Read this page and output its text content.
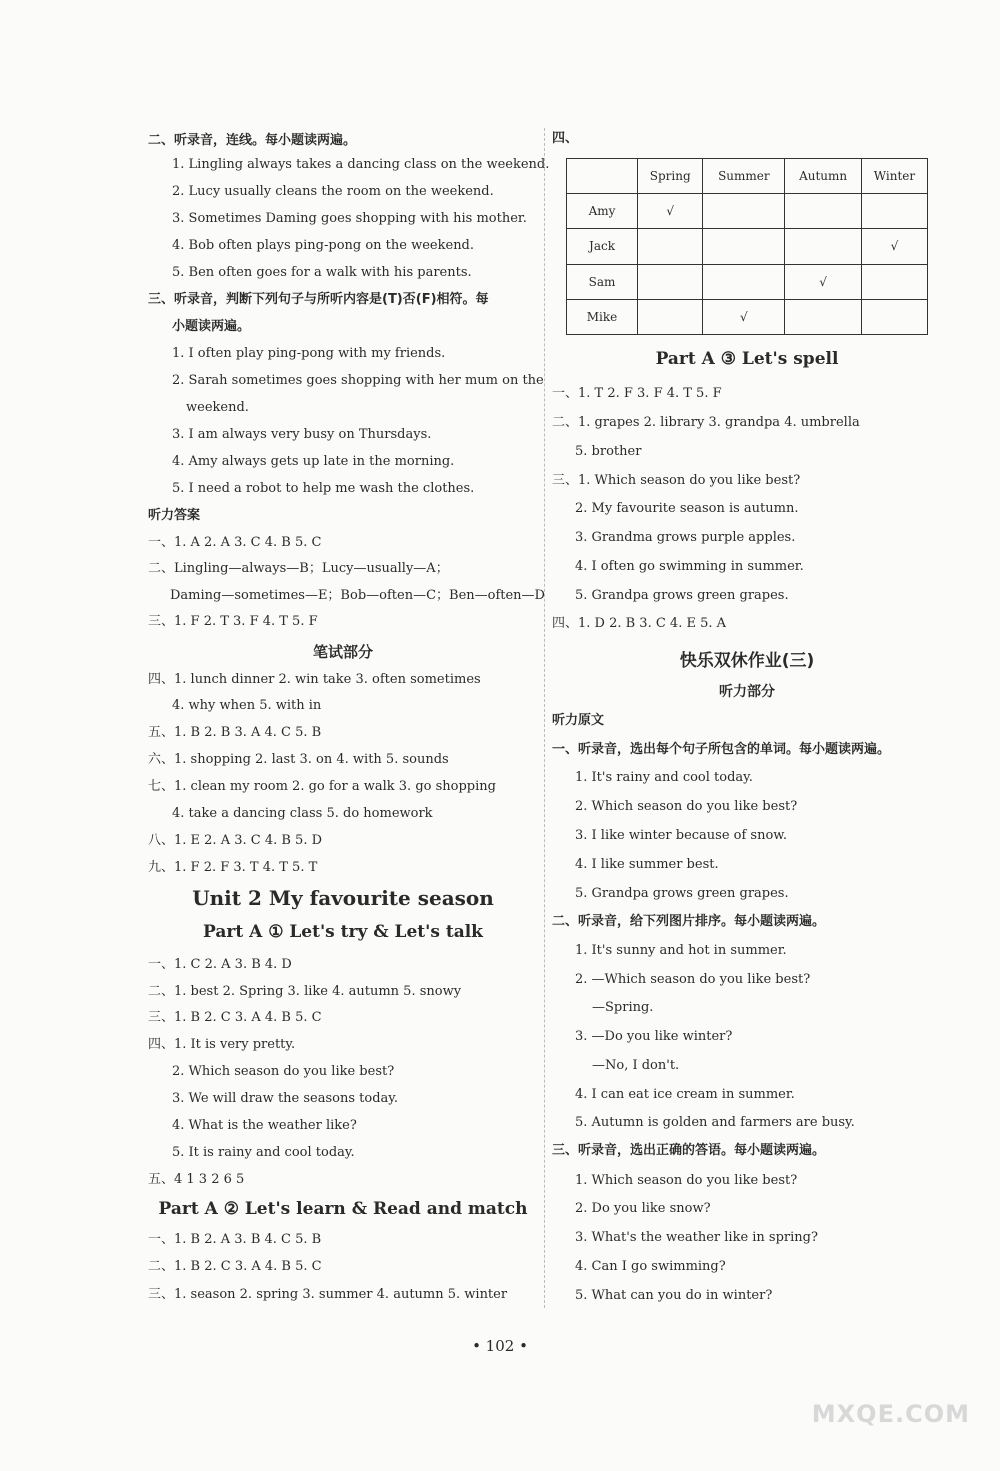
二、听录音，连线。每小题读两遍。
1. Lingling always takes a dancing class on the weekend.
2. Lucy usually cleans the room on the weekend.
3. Sometimes Daming goes shopping with his mother.
4. Bob often plays ping-pong on the weekend.
5. Ben often goes for a walk with his parents.
三、听录音，判断下列句子与所听内容是(T)否(F)相符。每
小题读两遍。
1. I often play ping-pong with my friends.
2. Sarah sometimes goes shopping with her mum on the
weekend.
3. I am always very busy on Thursdays.
4. Amy always gets up late in the morning.
5. I need a robot to help me wash the clothes.
听力答案
一、1. A 2. A 3. C 4. B 5. C
二、Lingling—always—B；Lucy—usually—A；
Daming—sometimes—E；Bob—often—C；Ben—often—D
三、1. F 2. T 3. F 4. T 5. F
笔试部分
四、1. lunch dinner 2. win take 3. often sometimes
4. why when 5. with in
五、1. B 2. B 3. A 4. C 5. B
六、1. shopping 2. last 3. on 4. with 5. sounds
七、1. clean my room 2. go for a walk 3. go shopping
4. take a dancing class 5. do homework
八、1. E 2. A 3. C 4. B 5. D
九、1. F 2. F 3. T 4. T 5. T
Unit 2 My favourite season
Part A ① Let's try & Let's talk
一、1. C 2. A 3. B 4. D
二、1. best 2. Spring 3. like 4. autumn 5. snowy
三、1. B 2. C 3. A 4. B 5. C
四、1. It is very pretty.
2. Which season do you like best?
3. We will draw the seasons today.
4. What is the weather like?
5. It is rainy and cool today.
五、4 1 3 2 6 5
Part A ② Let's learn & Read and match
一、1. B 2. A 3. B 4. C 5. B
二、1. B 2. C 3. A 4. B 5. C
三、1. season 2. spring 3. summer 4. autumn 5. winter
四、
	Spring	Summer	Autumn	Winter
Amy	√			
Jack				√
Sam			√	
Mike		√		
Part A ③ Let's spell
一、1. T 2. F 3. F 4. T 5. F
二、1. grapes 2. library 3. grandpa 4. umbrella
5. brother
三、1. Which season do you like best?
2. My favourite season is autumn.
3. Grandma grows purple apples.
4. I often go swimming in summer.
5. Grandpa grows green grapes.
四、1. D 2. B 3. C 4. E 5. A
快乐双休作业(三)
听力部分
听力原文
一、听录音，选出每个句子所包含的单词。每小题读两遍。
1. It's rainy and cool today.
2. Which season do you like best?
3. I like winter because of snow.
4. I like summer best.
5. Grandpa grows green grapes.
二、听录音，给下列图片排序。每小题读两遍。
1. It's sunny and hot in summer.
2. —Which season do you like best?
—Spring.
3. —Do you like winter?
—No, I don't.
4. I can eat ice cream in summer.
5. Autumn is golden and farmers are busy.
三、听录音，选出正确的答语。每小题读两遍。
1. Which season do you like best?
2. Do you like snow?
3. What's the weather like in spring?
4. Can I go swimming?
5. What can you do in winter?
• 102 •
MXQE.COM
